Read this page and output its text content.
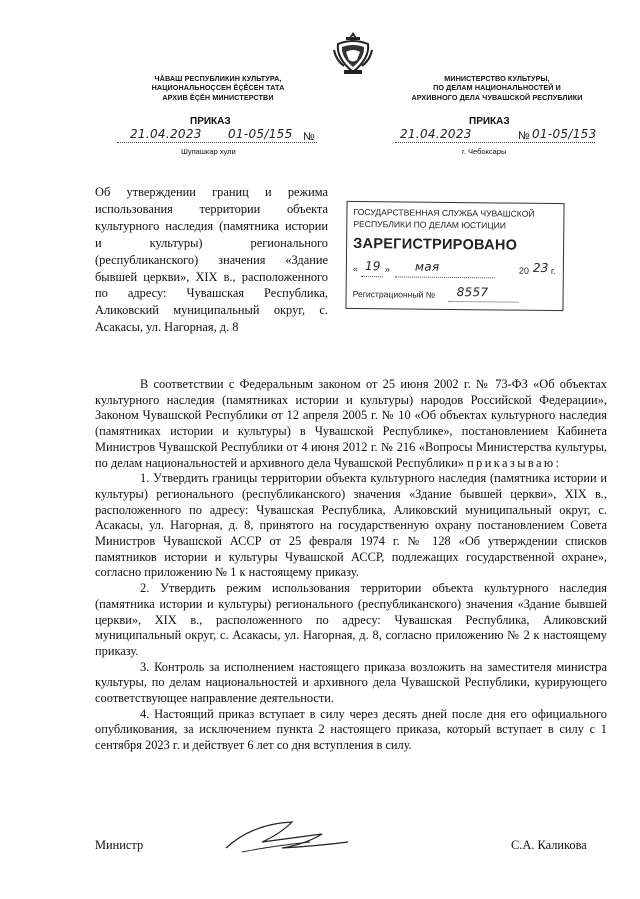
ЧĂВАШ РЕСПУБЛИКИН КУЛЬТУРА,
НАЦИОНАЛЬНОÇСЕН ĔÇĔСЕН ТАТА
АРХИВ ĔÇĔН МИНИСТЕРСТВИ
МИНИСТЕРСТВО КУЛЬТУРЫ,
ПО ДЕЛАМ НАЦИОНАЛЬНОСТЕЙ И
АРХИВНОГО ДЕЛА ЧУВАШСКОЙ РЕСПУБЛИКИ
ПРИКАЗ	ПРИКАЗ
21.04.2023 01-05/155 №
Шупашкар хули
21.04.2023	№ 01-05/153
г. Чебоксары
Об утверждении границ и режима использования территории объекта культурного наследия (памятника истории и культуры) регионального (республиканского) значения «Здание бывшей церкви», XIX в., расположенного по адресу: Чувашская Республика, Аликовский муниципальный округ, с. Асакасы, ул. Нагорная, д. 8
ГОСУДАРСТВЕННАЯ СЛУЖБА ЧУВАШСКОЙ
РЕСПУБЛИКИ ПО ДЕЛАМ ЮСТИЦИИ
ЗАРЕГИСТРИРОВАНО
« 19 » мая	20 23 г.
Регистрационный № 8557

В соответствии с Федеральным законом от 25 июня 2002 г. № 73-ФЗ «Об объектах культурного наследия (памятниках истории и культуры) народов Российской Федерации», Законом Чувашской Республики от 12 апреля 2005 г. № 10 «Об объектах культурного наследия (памятниках истории и культуры) в Чувашской Республике», постановлением Кабинета Министров Чувашской Республики от 4 июня 2012 г. № 216 «Вопросы Министерства культуры, по делам национальностей и архивного дела Чувашской Республики» приказываю:

1. Утвердить границы территории объекта культурного наследия (памятника истории и культуры) регионального (республиканского) значения «Здание бывшей церкви», XIX в., расположенного по адресу: Чувашская Республика, Аликовский муниципальный округ, с. Асакасы, ул. Нагорная, д. 8, принятого на государственную охрану постановлением Совета Министров Чувашской АССР от 25 февраля 1974 г. № 128 «Об утверждении списков памятников истории и культуры Чувашской АССР, подлежащих государственной охране», согласно приложению № 1 к настоящему приказу.

2. Утвердить режим использования территории объекта культурного наследия (памятника истории и культуры) регионального (республиканского) значения «Здание бывшей церкви», XIX в., расположенного по адресу: Чувашская Республика, Аликовский муниципальный округ, с. Асакасы, ул. Нагорная, д. 8, согласно приложению № 2 к настоящему приказу.

3. Контроль за исполнением настоящего приказа возложить на заместителя министра культуры, по делам национальностей и архивного дела Чувашской Республики, курирующего соответствующее направление деятельности.

4. Настоящий приказ вступает в силу через десять дней после дня его официального опубликования, за исключением пункта 2 настоящего приказа, который вступает в силу с 1 сентября 2023 г. и действует 6 лет со дня вступления в силу.

Министр	С.А. Каликова
